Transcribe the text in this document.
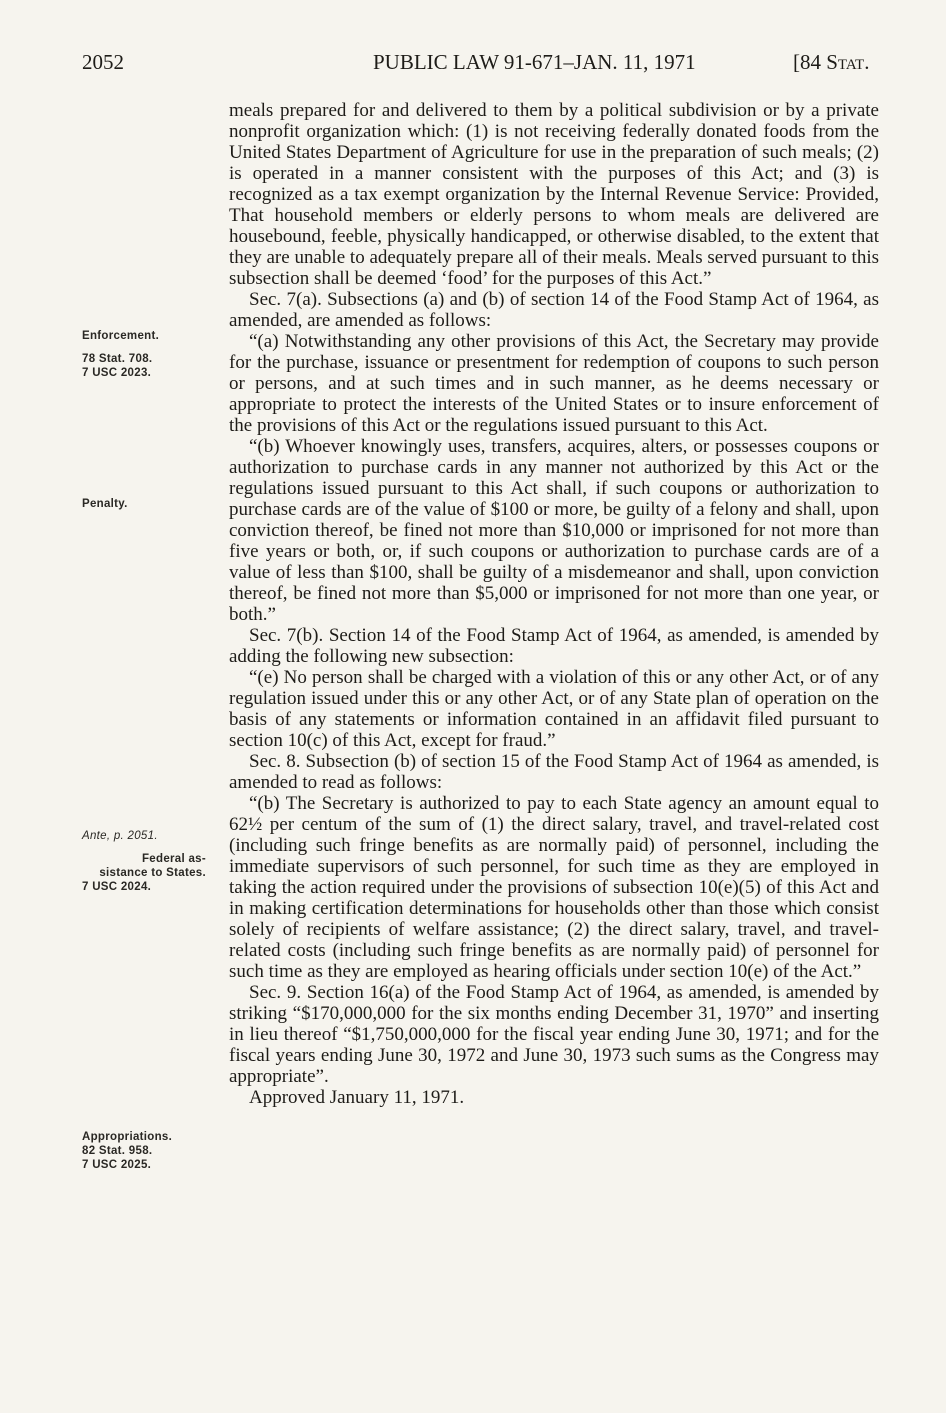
2052	PUBLIC LAW 91-671–JAN. 11, 1971	[84 Stat.
Enforcement.
78 Stat. 708.
7 USC 2023.
Penalty.
Ante, p. 2051.
Federal as-
sistance to States.
7 USC 2024.
Appropriations.
82 Stat. 958.
7 USC 2025.

meals prepared for and delivered to them by a political subdivision or by a private nonprofit organization which: (1) is not receiving federally donated foods from the United States Department of Agriculture for use in the preparation of such meals; (2) is operated in a manner consistent with the purposes of this Act; and (3) is recognized as a tax exempt organization by the Internal Revenue Service: Provided, That household members or elderly persons to whom meals are delivered are housebound, feeble, physically handicapped, or otherwise disabled, to the extent that they are unable to adequately prepare all of their meals. Meals served pursuant to this subsection shall be deemed ‘food’ for the purposes of this Act.”

Sec. 7(a). Subsections (a) and (b) of section 14 of the Food Stamp Act of 1964, as amended, are amended as follows:

“(a) Notwithstanding any other provisions of this Act, the Secretary may provide for the purchase, issuance or presentment for redemption of coupons to such person or persons, and at such times and in such manner, as he deems necessary or appropriate to protect the interests of the United States or to insure enforcement of the provisions of this Act or the regulations issued pursuant to this Act.

“(b) Whoever knowingly uses, transfers, acquires, alters, or possesses coupons or authorization to purchase cards in any manner not authorized by this Act or the regulations issued pursuant to this Act shall, if such coupons or authorization to purchase cards are of the value of $100 or more, be guilty of a felony and shall, upon conviction thereof, be fined not more than $10,000 or imprisoned for not more than five years or both, or, if such coupons or authorization to purchase cards are of a value of less than $100, shall be guilty of a misdemeanor and shall, upon conviction thereof, be fined not more than $5,000 or imprisoned for not more than one year, or both.”

Sec. 7(b). Section 14 of the Food Stamp Act of 1964, as amended, is amended by adding the following new subsection:

“(e) No person shall be charged with a violation of this or any other Act, or of any regulation issued under this or any other Act, or of any State plan of operation on the basis of any statements or information contained in an affidavit filed pursuant to section 10(c) of this Act, except for fraud.”

Sec. 8. Subsection (b) of section 15 of the Food Stamp Act of 1964 as amended, is amended to read as follows:

“(b) The Secretary is authorized to pay to each State agency an amount equal to 62½ per centum of the sum of (1) the direct salary, travel, and travel-related cost (including such fringe benefits as are normally paid) of personnel, including the immediate supervisors of such personnel, for such time as they are employed in taking the action required under the provisions of subsection 10(e)(5) of this Act and in making certification determinations for households other than those which consist solely of recipients of welfare assistance; (2) the direct salary, travel, and travel-related costs (including such fringe benefits as are normally paid) of personnel for such time as they are employed as hearing officials under section 10(e) of the Act.”

Sec. 9. Section 16(a) of the Food Stamp Act of 1964, as amended, is amended by striking “$170,000,000 for the six months ending December 31, 1970” and inserting in lieu thereof “$1,750,000,000 for the fiscal year ending June 30, 1971; and for the fiscal years ending June 30, 1972 and June 30, 1973 such sums as the Congress may appropriate”.

Approved January 11, 1971.
